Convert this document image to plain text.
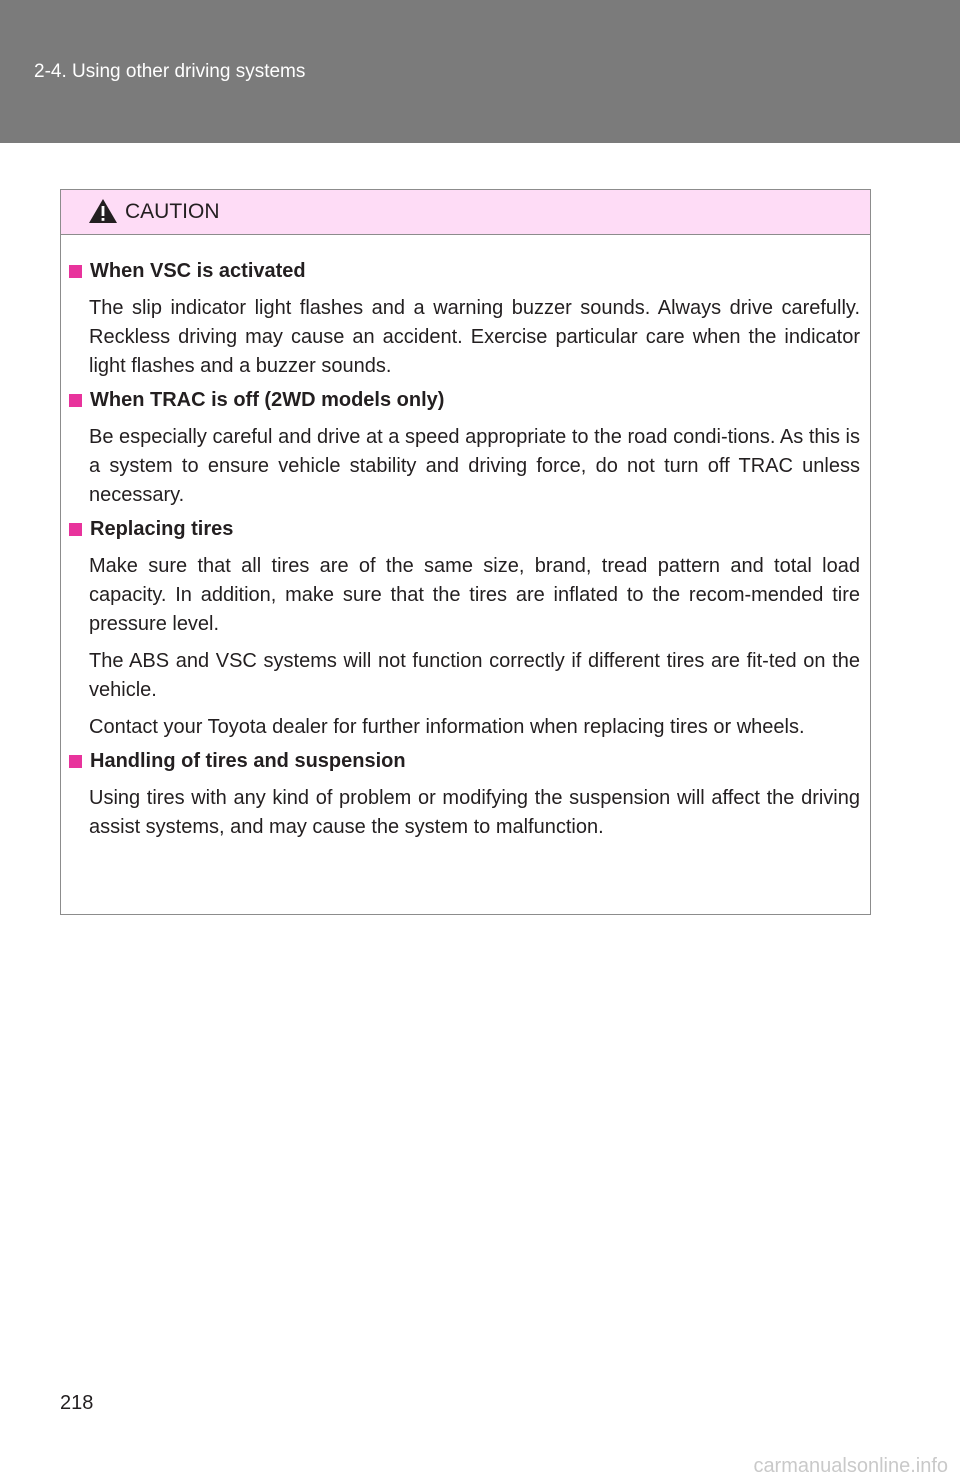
2-4. Using other driving systems
CAUTION
When VSC is activated

The slip indicator light flashes and a warning buzzer sounds. Always drive carefully. Reckless driving may cause an accident. Exercise particular care when the indicator light flashes and a buzzer sounds.

When TRAC is off (2WD models only)

Be especially careful and drive at a speed appropriate to the road condi-tions. As this is a system to ensure vehicle stability and driving force, do not turn off TRAC unless necessary.

Replacing tires

Make sure that all tires are of the same size, brand, tread pattern and total load capacity. In addition, make sure that the tires are inflated to the recom-mended tire pressure level.

The ABS and VSC systems will not function correctly if different tires are fit-ted on the vehicle.

Contact your Toyota dealer for further information when replacing tires or wheels.

Handling of tires and suspension

Using tires with any kind of problem or modifying the suspension will affect the driving assist systems, and may cause the system to malfunction.

218
carmanualsonline.info
